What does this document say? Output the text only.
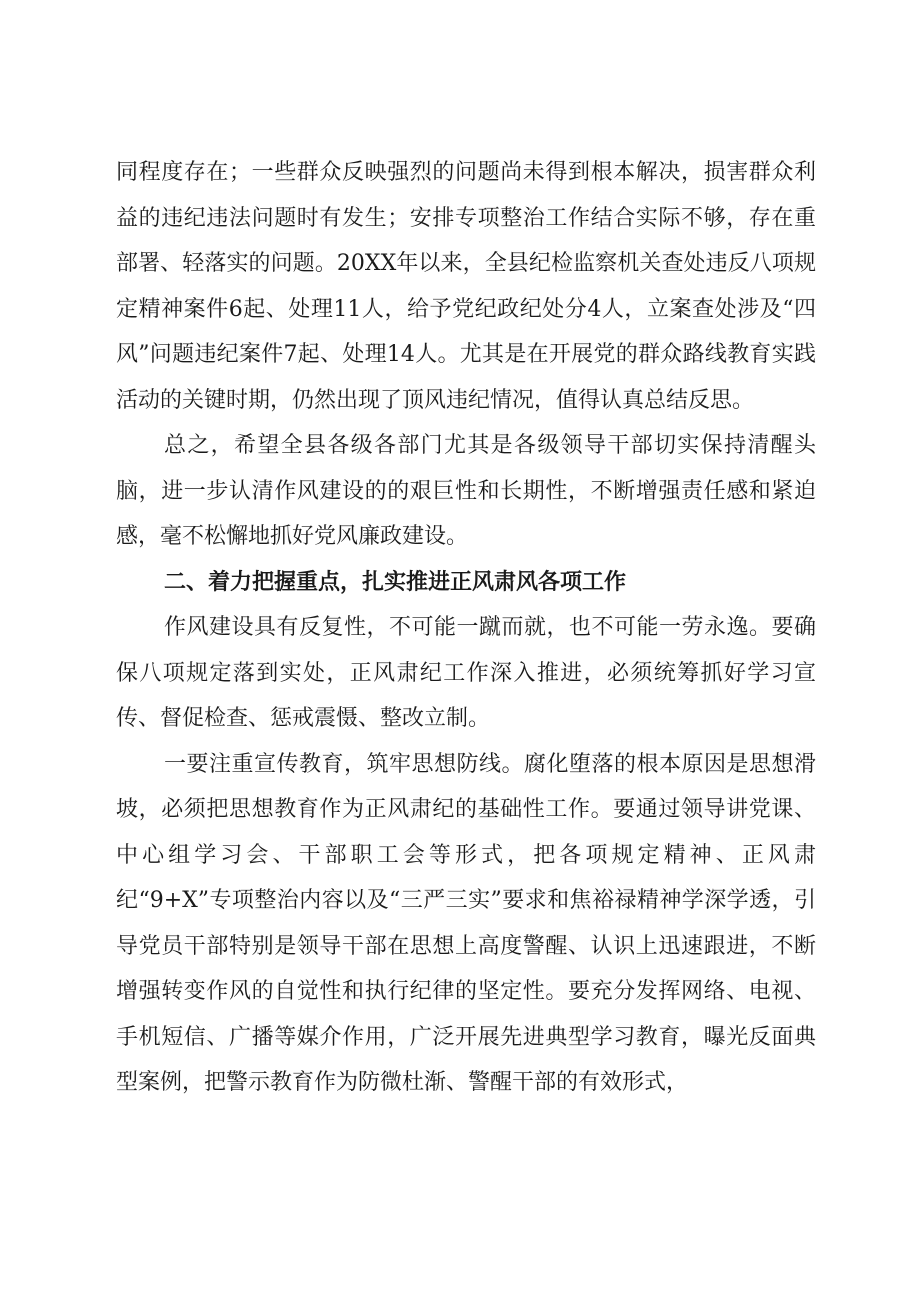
同程度存在；一些群众反映强烈的问题尚未得到根本解决，损害群众利益的违纪违法问题时有发生；安排专项整治工作结合实际不够，存在重部署、轻落实的问题。20XX年以来，全县纪检监察机关查处违反八项规定精神案件6起、处理11人，给予党纪政纪处分4人，立案查处涉及“四风”问题违纪案件7起、处理14人。尤其是在开展党的群众路线教育实践活动的关键时期，仍然出现了顶风违纪情况，值得认真总结反思。

总之，希望全县各级各部门尤其是各级领导干部切实保持清醒头脑，进一步认清作风建设的的艰巨性和长期性，不断增强责任感和紧迫感，毫不松懈地抓好党风廉政建设。

二、着力把握重点，扎实推进正风肃风各项工作

作风建设具有反复性，不可能一蹴而就，也不可能一劳永逸。要确保八项规定落到实处，正风肃纪工作深入推进，必须统筹抓好学习宣传、督促检查、惩戒震慑、整改立制。

一要注重宣传教育，筑牢思想防线。腐化堕落的根本原因是思想滑坡，必须把思想教育作为正风肃纪的基础性工作。要通过领导讲党课、中心组学习会、干部职工会等形式，把各项规定精神、正风肃纪“9+X”专项整治内容以及“三严三实”要求和焦裕禄精神学深学透，引导党员干部特别是领导干部在思想上高度警醒、认识上迅速跟进，不断增强转变作风的自觉性和执行纪律的坚定性。要充分发挥网络、电视、手机短信、广播等媒介作用，广泛开展先进典型学习教育，曝光反面典型案例，把警示教育作为防微杜渐、警醒干部的有效形式，
